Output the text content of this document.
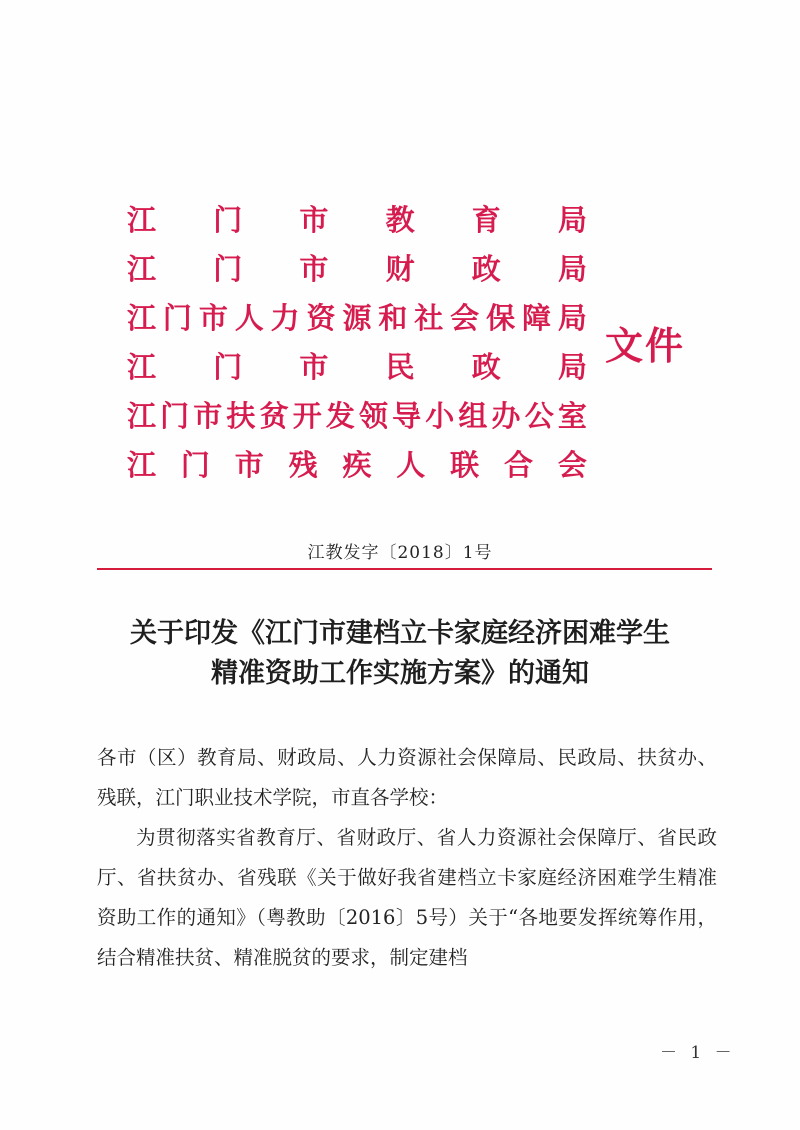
江 门 市 教 育 局
江 门 市 财 政 局
江 门 市 人 力 资 源 和 社 会 保 障 局
江 门 市 民 政 局
江 门 市 扶 贫 开 发 领 导 小 组 办 公 室
江 门 市 残 疾 人 联 合 会
文件
江教发字〔2018〕1号
关于印发《江门市建档立卡家庭经济困难学生
精准资助工作实施方案》的通知

各市（区）教育局、财政局、人力资源社会保障局、民政局、扶贫办、残联，江门职业技术学院，市直各学校：

为贯彻落实省教育厅、省财政厅、省人力资源社会保障厅、省民政厅、省扶贫办、省残联《关于做好我省建档立卡家庭经济困难学生精准资助工作的通知》（粤教助〔2016〕5号）关于“各地要发挥统筹作用，结合精准扶贫、精准脱贫的要求，制定建档

－ 1 －
